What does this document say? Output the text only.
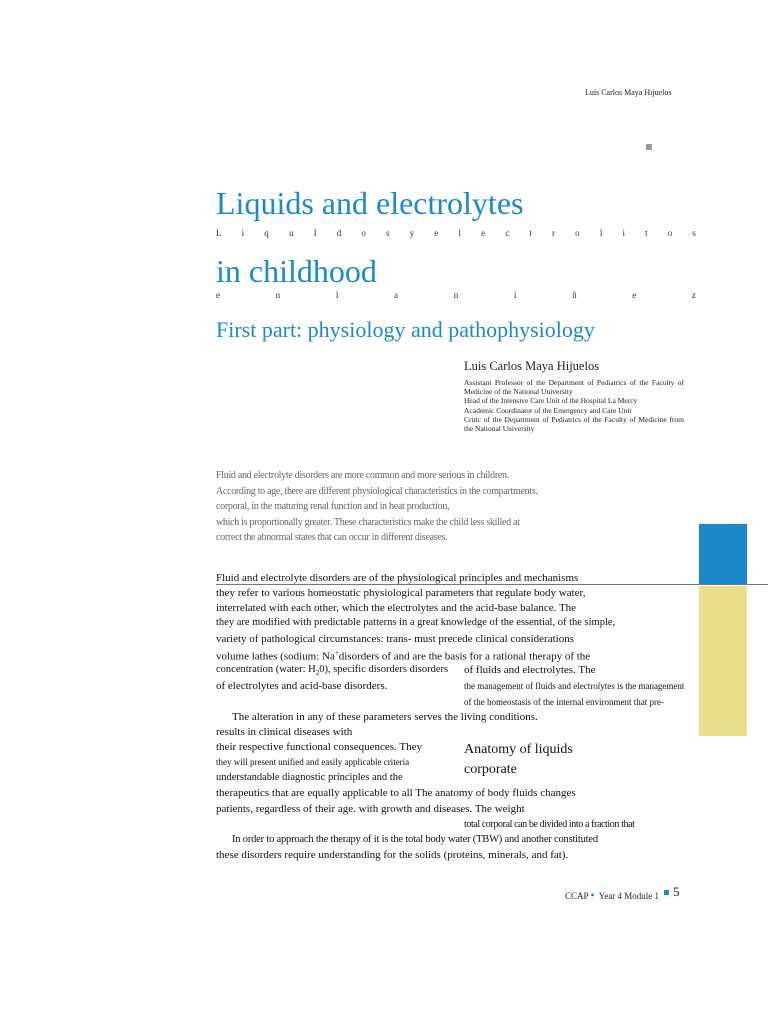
Luis Carlos Maya Hijuelos
Liquids and electrolytes
L i q u I d o s y e l e c t r o l i t o s
in childhood
e	n	l	a	n	i	ñ	e	z
First part: physiology and pathophysiology
Luis Carlos Maya Hijuelos
Assistant Professor of the Department of Pediatrics of the Faculty of Medicine of the National University
Head of the Intensive Care Unit of the Hospital La Mercy
Academic Coordinator of the Emergency and Care Unit
Critic of the Department of Pediatrics of the Faculty of Medicine from the National University
Fluid and electrolyte disorders are more common and more serious in children.
According to age, there are different physiological characteristics in the compartments.
corporal, in the maturing renal function and in heat production,
which is proportionally greater. These characteristics make the child less skilled at
correct the abnormal states that can occur in different diseases.
Fluid and electrolyte disorders are of the physiological principles and mechanisms
they refer to various homeostatic physiological parameters that regulate body water,
interrelated with each other, which the electrolytes and the acid-base balance. The
they are modified with predictable patterns in a great knowledge of the essential, of the simple,
variety of pathological circumstances: trans- must precede clinical considerations
volume lathes (sodium: Na+disorders of and are the basis for a rational therapy of the
concentration (water: $H_20$), specific disorders disorders of fluids and electrolytes. The
of electrolytes and acid-base disorders.	the management of fluids and electrolytes is the management
of the homeostasis of the internal environment that pre-
The alteration in any of these parameters serves the living conditions.
results in clinical diseases with
their respective functional consequences. They
they will present unified and easily applicable criteria
understandable diagnostic principles and the
therapeutics that are equally applicable to all The anatomy of body fluids changes
patients, regardless of their age. with growth and diseases. The weight
Anatomy of liquids
corporate
total corporal can be divided into a fraction that
In order to approach the therapy of it is the total body water (TBW) and another constituted
these disorders require understanding for the solids (proteins, minerals, and fat).
CCAP • Year 4 Module 1 5
